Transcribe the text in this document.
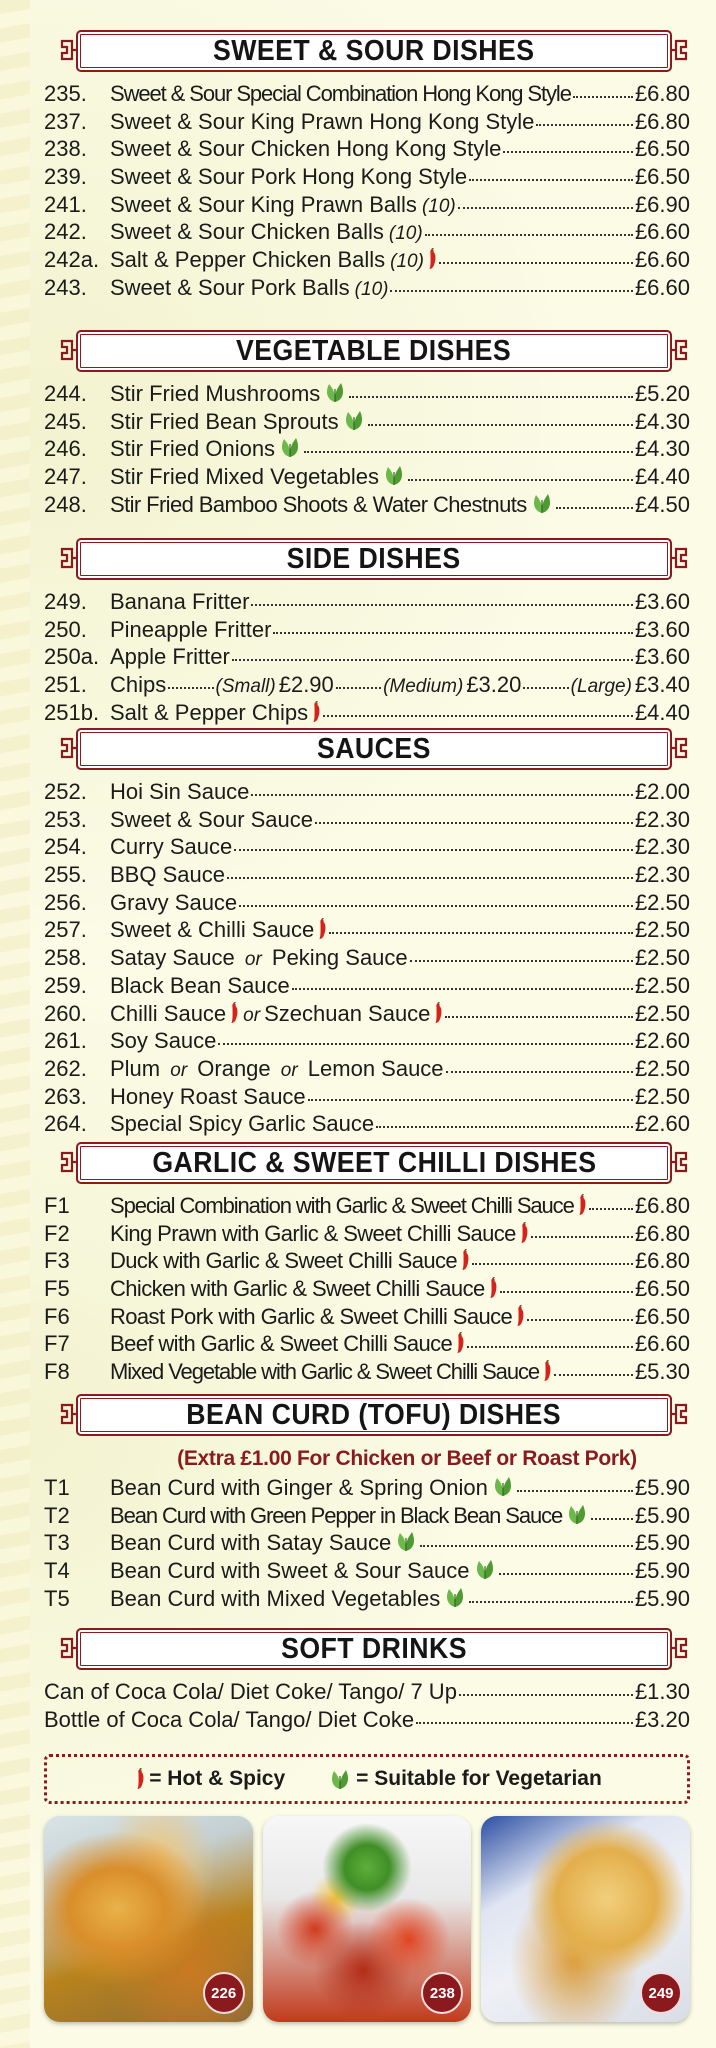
SWEET & SOUR DISHES
235.	Sweet & Sour Special Combination Hong Kong Style	£6.80
237.	Sweet & Sour King Prawn Hong Kong Style	£6.80
238.	Sweet & Sour Chicken Hong Kong Style	£6.50
239.	Sweet & Sour Pork Hong Kong Style	£6.50
241.	Sweet & Sour King Prawn Balls (10)	£6.90
242.	Sweet & Sour Chicken Balls (10)	£6.60
242a. Salt & Pepper Chicken Balls (10)	£6.60
243.	Sweet & Sour Pork Balls (10)	£6.60
VEGETABLE DISHES
244.	Stir Fried Mushrooms	£5.20
245.	Stir Fried Bean Sprouts	£4.30
246.	Stir Fried Onions	£4.30
247.	Stir Fried Mixed Vegetables	£4.40
248.	Stir Fried Bamboo Shoots & Water Chestnuts	£4.50
SIDE DISHES
249.	Banana Fritter	£3.60
250.	Pineapple Fritter	£3.60
250a. Apple Fritter	£3.60
251.	Chips	(Small) £2.90	(Medium) £3.20	(Large) £3.40
251b. Salt & Pepper Chips	£4.40
SAUCES
252.	Hoi Sin Sauce	£2.00
253.	Sweet & Sour Sauce	£2.30
254.	Curry Sauce	£2.30
255.	BBQ Sauce	£2.30
256.	Gravy Sauce	£2.50
257.	Sweet & Chilli Sauce	£2.50
258.	Satay Sauce or Peking Sauce	£2.50
259.	Black Bean Sauce	£2.50
260.	Chilli Sauce or Szechuan Sauce	£2.50
261.	Soy Sauce	£2.60
262.	Plum or Orange or Lemon Sauce	£2.50
263.	Honey Roast Sauce	£2.50
264.	Special Spicy Garlic Sauce	£2.60
GARLIC & SWEET CHILLI DISHES
F1	Special Combination with Garlic & Sweet Chilli Sauce	£6.80
F2	King Prawn with Garlic & Sweet Chilli Sauce	£6.80
F3	Duck with Garlic & Sweet Chilli Sauce	£6.80
F5	Chicken with Garlic & Sweet Chilli Sauce	£6.50
F6	Roast Pork with Garlic & Sweet Chilli Sauce	£6.50
F7	Beef with Garlic & Sweet Chilli Sauce	£6.60
F8	Mixed Vegetable with Garlic & Sweet Chilli Sauce	£5.30
BEAN CURD (TOFU) DISHES
(Extra £1.00 For Chicken or Beef or Roast Pork)
T1	Bean Curd with Ginger & Spring Onion	£5.90
T2	Bean Curd with Green Pepper in Black Bean Sauce	£5.90
T3	Bean Curd with Satay Sauce	£5.90
T4	Bean Curd with Sweet & Sour Sauce	£5.90
T5	Bean Curd with Mixed Vegetables	£5.90
SOFT DRINKS
Can of Coca Cola/ Diet Coke/ Tango/ 7 Up	£1.30
Bottle of Coca Cola/ Tango/ Diet Coke	£3.20
= Hot & Spicy	= Suitable for Vegetarian
226	238	249
